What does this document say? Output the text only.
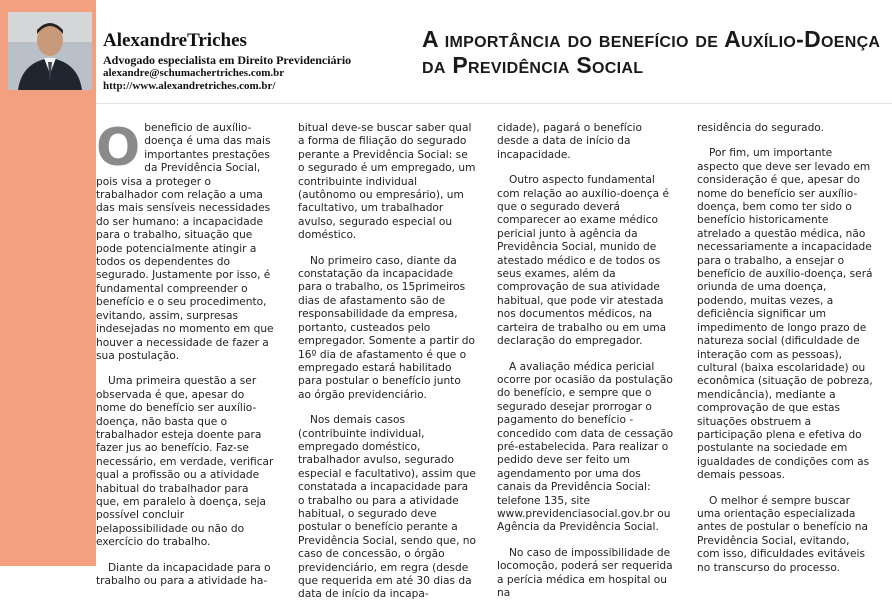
AlexandreTriches
Advogado especialista em Direito Previdenciário
alexandre@schumachertriches.com.br
http://www.alexandretriches.com.br/
A importância do benefício de Auxílio-Doença da Previdência Social

Obeneficio de auxílio-doença é uma das mais importantes prestações da Previdência Social, pois visa a proteger o trabalhador com relação a uma das mais sensíveis necessidades do ser humano: a incapacidade para o trabalho, situação que pode potencialmente atingir a todos os dependentes do segurado. Justamente por isso, é fundamental compreender o benefício e o seu procedimento, evitando, assim, surpresas indesejadas no momento em que houver a necessidade de fazer a sua postulação.

Uma primeira questão a ser observada é que, apesar do nome do benefício ser auxílio-doença, não basta que o trabalhador esteja doente para fazer jus ao benefício. Faz-se necessário, em verdade, verificar qual a profissão ou a atividade habitual do trabalhador para que, em paralelo à doença, seja possível concluir pelapossibilidade ou não do exercício do trabalho.

Diante da incapacidade para o trabalho ou para a atividade ha-

bitual deve-se buscar saber qual a forma de filiação do segurado perante a Previdência Social: se o segurado é um empregado, um contribuinte individual (autônomo ou empresário), um facultativo, um trabalhador avulso, segurado especial ou doméstico.

No primeiro caso, diante da constatação da incapacidade para o trabalho, os 15primeiros dias de afastamento são de responsabilidade da empresa, portanto, custeados pelo empregador. Somente a partir do 16º dia de afastamento é que o empregado estará habilitado para postular o benefício junto ao órgão previdenciário.

Nos demais casos (contribuinte individual, empregado doméstico, trabalhador avulso, segurado especial e facultativo), assim que constatada a incapacidade para o trabalho ou para a atividade habitual, o segurado deve postular o benefício perante a Previdência Social, sendo que, no caso de concessão, o órgão previdenciário, em regra (desde que requerida em até 30 dias da data de início da incapa-

cidade), pagará o benefício desde a data de início da incapacidade.

Outro aspecto fundamental com relação ao auxílio-doença é que o segurado deverá comparecer ao exame médico pericial junto à agência da Previdência Social, munido de atestado médico e de todos os seus exames, além da comprovação de sua atividade habitual, que pode vir atestada nos documentos médicos, na carteira de trabalho ou em uma declaração do empregador.

A avaliação médica pericial ocorre por ocasião da postulação do benefício, e sempre que o segurado desejar prorrogar o pagamento do benefício - concedido com data de cessação pré-estabelecida. Para realizar o pedido deve ser feito um agendamento por uma dos canais da Previdência Social: telefone 135, site www.previdenciasocial.gov.br ou Agência da Previdência Social.

No caso de impossibilidade de locomoção, poderá ser requerida a perícia médica em hospital ou na

residência do segurado.

Por fim, um importante aspecto que deve ser levado em consideração é que, apesar do nome do benefício ser auxílio-doença, bem como ter sido o benefício historicamente atrelado a questão médica, não necessariamente a incapacidade para o trabalho, a ensejar o benefício de auxílio-doença, será oriunda de uma doença, podendo, muitas vezes, a deficiência significar um impedimento de longo prazo de natureza social (dificuldade de interação com as pessoas), cultural (baixa escolaridade) ou econômica (situação de pobreza, mendicância), mediante a comprovação de que estas situações obstruem a participação plena e efetiva do postulante na sociedade em igualdades de condições com as demais pessoas.

O melhor é sempre buscar uma orientação especializada antes de postular o benefício na Previdência Social, evitando, com isso, dificuldades evitáveis no transcurso do processo.
